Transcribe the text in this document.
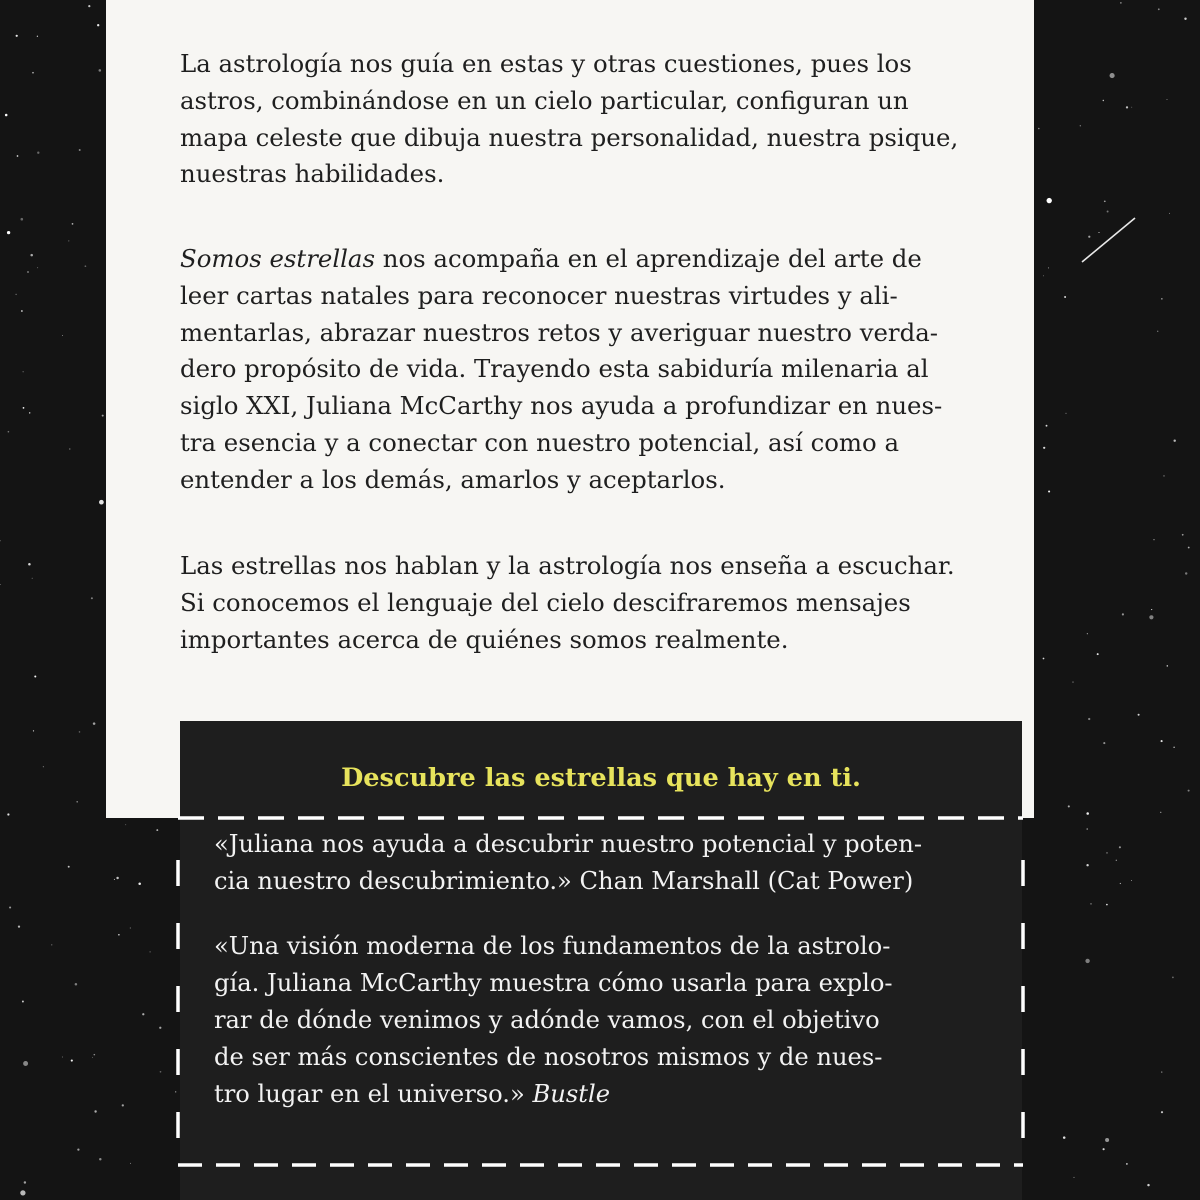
La astrología nos guía en estas y otras cuestiones, pues los
astros, combinándose en un cielo particular, configuran un
mapa celeste que dibuja nuestra personalidad, nuestra psique,
nuestras habilidades.

Somos estrellas nos acompaña en el aprendizaje del arte de
leer cartas natales para reconocer nuestras virtudes y ali-
mentarlas, abrazar nuestros retos y averiguar nuestro verda-
dero propósito de vida. Trayendo esta sabiduría milenaria al
siglo XXI, Juliana McCarthy nos ayuda a profundizar en nues-
tra esencia y a conectar con nuestro potencial, así como a
entender a los demás, amarlos y aceptarlos.

Las estrellas nos hablan y la astrología nos enseña a escuchar.
Si conocemos el lenguaje del cielo descifraremos mensajes
importantes acerca de quiénes somos realmente.

Descubre las estrellas que hay en ti.

«Juliana nos ayuda a descubrir nuestro potencial y poten-
cia nuestro descubrimiento.» Chan Marshall (Cat Power)

«Una visión moderna de los fundamentos de la astrolo-
gía. Juliana McCarthy muestra cómo usarla para explo-
rar de dónde venimos y adónde vamos, con el objetivo
de ser más conscientes de nosotros mismos y de nues-
tro lugar en el universo.» Bustle
